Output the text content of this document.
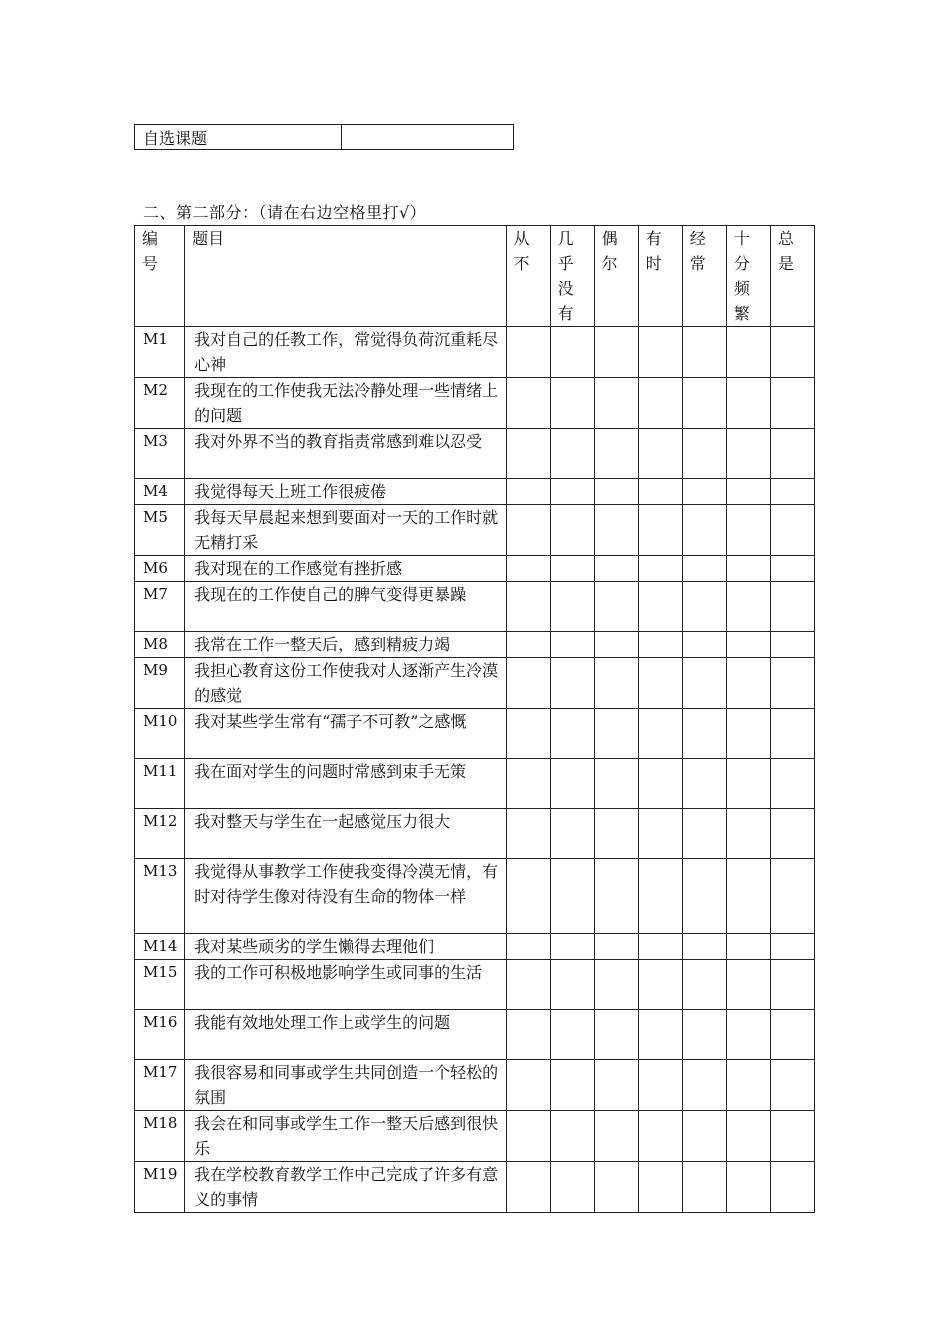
自选课题	
二、第二部分：（请在右边空格里打√）
编号	题目	从不	几乎没有	偶尔	有时	经常	十分频繁	总是

M1	我对自己的任教工作，常觉得负荷沉重耗尽心神							
M2	我现在的工作使我无法冷静处理一些情绪上的问题							
M3	我对外界不当的教育指责常感到难以忍受							
M4	我觉得每天上班工作很疲倦							
M5	我每天早晨起来想到要面对一天的工作时就无精打采							
M6	我对现在的工作感觉有挫折感							
M7	我现在的工作使自己的脾气变得更暴躁							
M8	我常在工作一整天后，感到精疲力竭							
M9	我担心教育这份工作使我对人逐渐产生冷漠的感觉							
M10	我对某些学生常有“孺子不可教”之感慨							
M11	我在面对学生的问题时常感到束手无策							
M12	我对整天与学生在一起感觉压力很大							
M13	我觉得从事教学工作使我变得冷漠无情，有时对待学生像对待没有生命的物体一样							
M14	我对某些顽劣的学生懒得去理他们							
M15	我的工作可积极地影响学生或同事的生活							
M16	我能有效地处理工作上或学生的问题							
M17	我很容易和同事或学生共同创造一个轻松的氛围							
M18	我会在和同事或学生工作一整天后感到很快乐							
M19	我在学校教育教学工作中己完成了许多有意义的事情							
